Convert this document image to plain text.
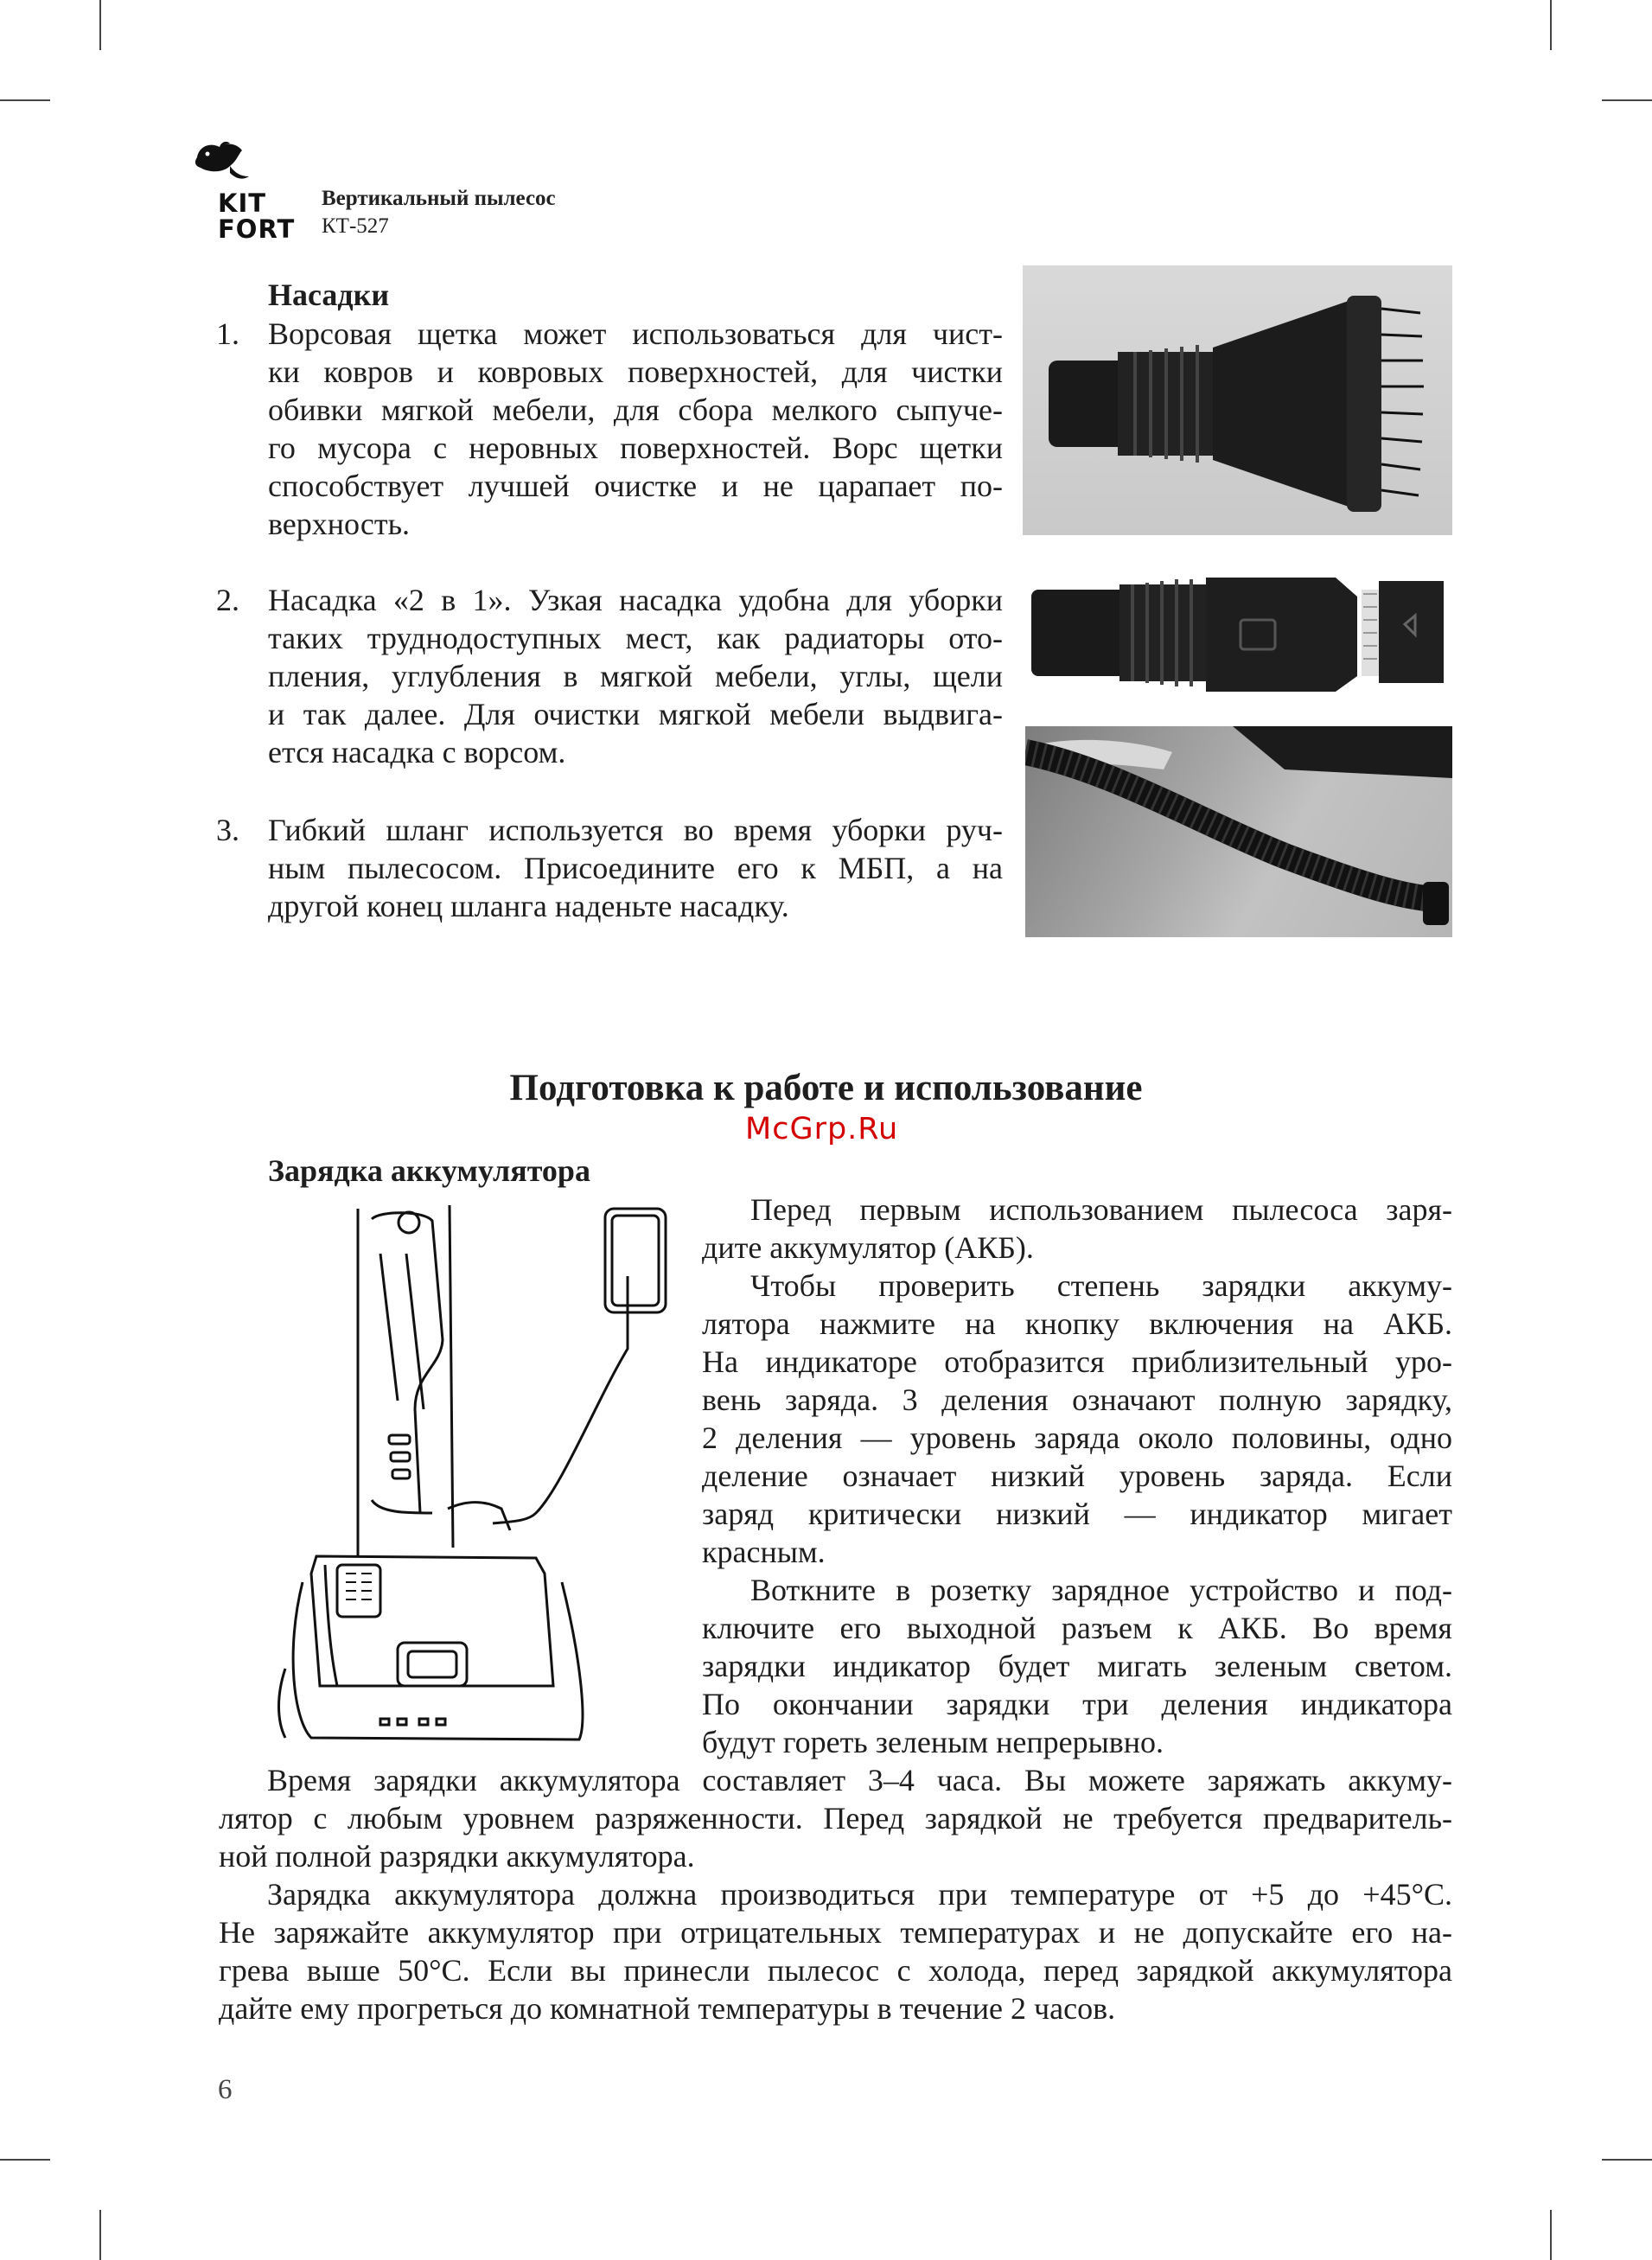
KIT
FORT
Вертикальный пылесос
КТ-527
Насадки
1. Ворсовая щетка может использоваться для чист-
ки ковров и ковровых поверхностей, для чистки
обивки мягкой мебели, для сбора мелкого сыпуче-
го мусора с неровных поверхностей. Ворс щетки
способствует лучшей очистке и не царапает по-
верхность.
2. Насадка «2 в 1». Узкая насадка удобна для уборки
таких труднодоступных мест, как радиаторы ото-
пления, углубления в мягкой мебели, углы, щели
и так далее. Для очистки мягкой мебели выдвига-
ется насадка с ворсом.
3. Гибкий шланг используется во время уборки руч-
ным пылесосом. Присоедините его к МБП, а на
другой конец шланга наденьте насадку.
Подготовка к работе и использование
McGrp.Ru
Зарядка аккумулятора
Перед первым использованием пылесоса заря-
дите аккумулятор (АКБ).
Чтобы проверить степень зарядки аккуму-
лятора нажмите на кнопку включения на АКБ.
На индикаторе отобразится приблизительный уро-
вень заряда. 3 деления означают полную зарядку,
2 деления — уровень заряда около половины, одно
деление означает низкий уровень заряда. Если
заряд критически низкий — индикатор мигает
красным.
Воткните в розетку зарядное устройство и под-
ключите его выходной разъем к АКБ. Во время
зарядки индикатор будет мигать зеленым светом.
По окончании зарядки три деления индикатора
будут гореть зеленым непрерывно.
Время зарядки аккумулятора составляет 3–4 часа. Вы можете заряжать аккуму-
лятор с любым уровнем разряженности. Перед зарядкой не требуется предваритель-
ной полной разрядки аккумулятора.
Зарядка аккумулятора должна производиться при температуре от +5 до +45°С.
Не заряжайте аккумулятор при отрицательных температурах и не допускайте его на-
грева выше 50°С. Если вы принесли пылесос с холода, перед зарядкой аккумулятора
дайте ему прогреться до комнатной температуры в течение 2 часов.
6
